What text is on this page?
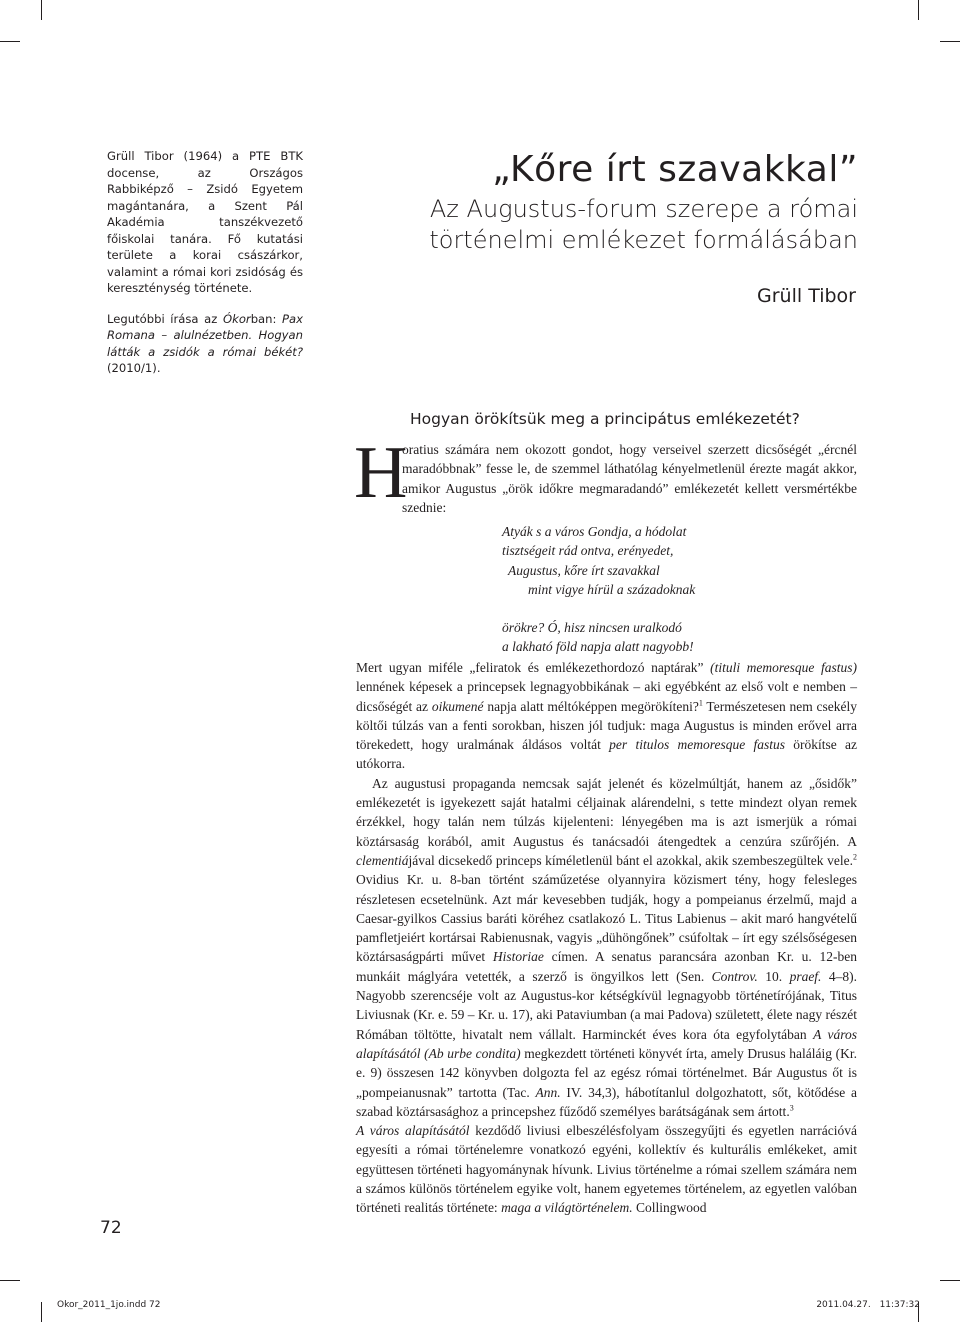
Grüll Tibor (1964) a PTE BTK docense, az Országos Rabbiképző – Zsidó Egyetem magántanára, a Szent Pál Akadémia tanszékvezető főiskolai tanára. Fő kutatási területe a korai császárkor, valamint a római kori zsidóság és kereszténység története.

Legutóbbi írása az Ókorban: Pax Romana – alulnézetben. Hogyan látták a zsidók a római békét? (2010/1).

„Kőre írt szavakkal”
Az Augustus-forum szerepe a római
történelmi emlékezet formálásában
Grüll Tibor
Hogyan örökítsük meg a principátus emlékezetét?
H
oratius számára nem okozott gondot, hogy verseivel szerzett dicsőségét „ércnél maradóbbnak” fesse le, de szemmel láthatólag kényelmetlenül érezte magát akkor, amikor Augustus „örök időkre megmaradandó” emlékezetét kellett versmértékbe szednie:
Atyák s a város Gondja, a hódolat
tisztségeit rád ontva, erényedet,
Augustus, kőre írt szavakkal
mint vigye hírül a századoknak
örökre? Ó, hisz nincsen uralkodó
a lakható föld napja alatt nagyobb!

Mert ugyan miféle „feliratok és emlékezethordozó naptárak” (tituli memoresque fastus) lennének képesek a princepsek legnagyobbikának – aki egyébként az első volt e nemben – dicsőségét az oikumené napja alatt méltóképpen megörökíteni?$^1$ Természetesen nem csekély költői túlzás van a fenti sorokban, hiszen jól tudjuk: maga Augustus is minden erővel arra törekedett, hogy uralmának áldásos voltát per titulos memoresque fastus örökítse az utókorra.

Az augustusi propaganda nemcsak saját jelenét és közelmúltját, hanem az „ősidők” emlékezetét is igyekezett saját hatalmi céljainak alárendelni, s tette mindezt olyan remek érzékkel, hogy talán nem túlzás kijelenteni: lényegében ma is azt ismerjük a római köztársaság korából, amit Augustus és tanácsadói átengedtek a cenzúra szűrőjén. A clementiájával dicsekedő princeps kíméletlenül bánt el azokkal, akik szembeszegültek vele.$^2$ Ovidius Kr. u. 8-ban történt száműzetése olyannyira közismert tény, hogy felesleges részletesen ecsetelnünk. Azt már kevesebben tudják, hogy a pompeianus érzelmű, majd a Caesar-gyilkos Cassius baráti köréhez csatlakozó L. Titus Labienus – akit maró hangvételű pamfletjeiért kortársai Rabienusnak, vagyis „dühöngőnek” csúfoltak – írt egy szélsőségesen köztársaságpárti művet Historiae címen. A senatus parancsára azonban Kr. u. 12-ben munkáit máglyára vetették, a szerző is öngyilkos lett (Sen. Controv. 10. praef. 4–8). Nagyobb szerencséje volt az Augustus-kor kétségkívül legnagyobb történetírójának, Titus Liviusnak (Kr. e. 59 – Kr. u. 17), aki Pataviumban (a mai Padova) született, élete nagy részét Rómában töltötte, hivatalt nem vállalt. Harminckét éves kora óta egyfolytában A város alapításától (Ab urbe condita) megkezdett történeti könyvét írta, amely Drusus haláláig (Kr. e. 9) összesen 142 könyvben dolgozta fel az egész római történelmet. Bár Augustus őt is „pompeianusnak” tartotta (Tac. Ann. IV. 34,3), hábotítanlul dolgozhatott, sőt, kötődése a szabad köztársasághoz a princepshez fűződő személyes barátságának sem ártott.$^3$
A város alapításától kezdődő liviusi elbeszélésfolyam összegyűjti és egyetlen narrációvá egyesíti a római történelemre vonatkozó egyéni, kollektív és kulturális emlékeket, amit együttesen történeti hagyománynak hívunk. Livius történelme a római szellem számára nem a számos különös történelem egyike volt, hanem egyetemes történelem, az egyetlen valóban történeti realitás története: maga a világtörténelem. Collingwood

72
Okor_2011_1jo.indd 72	2011.04.27. 11:37:32
